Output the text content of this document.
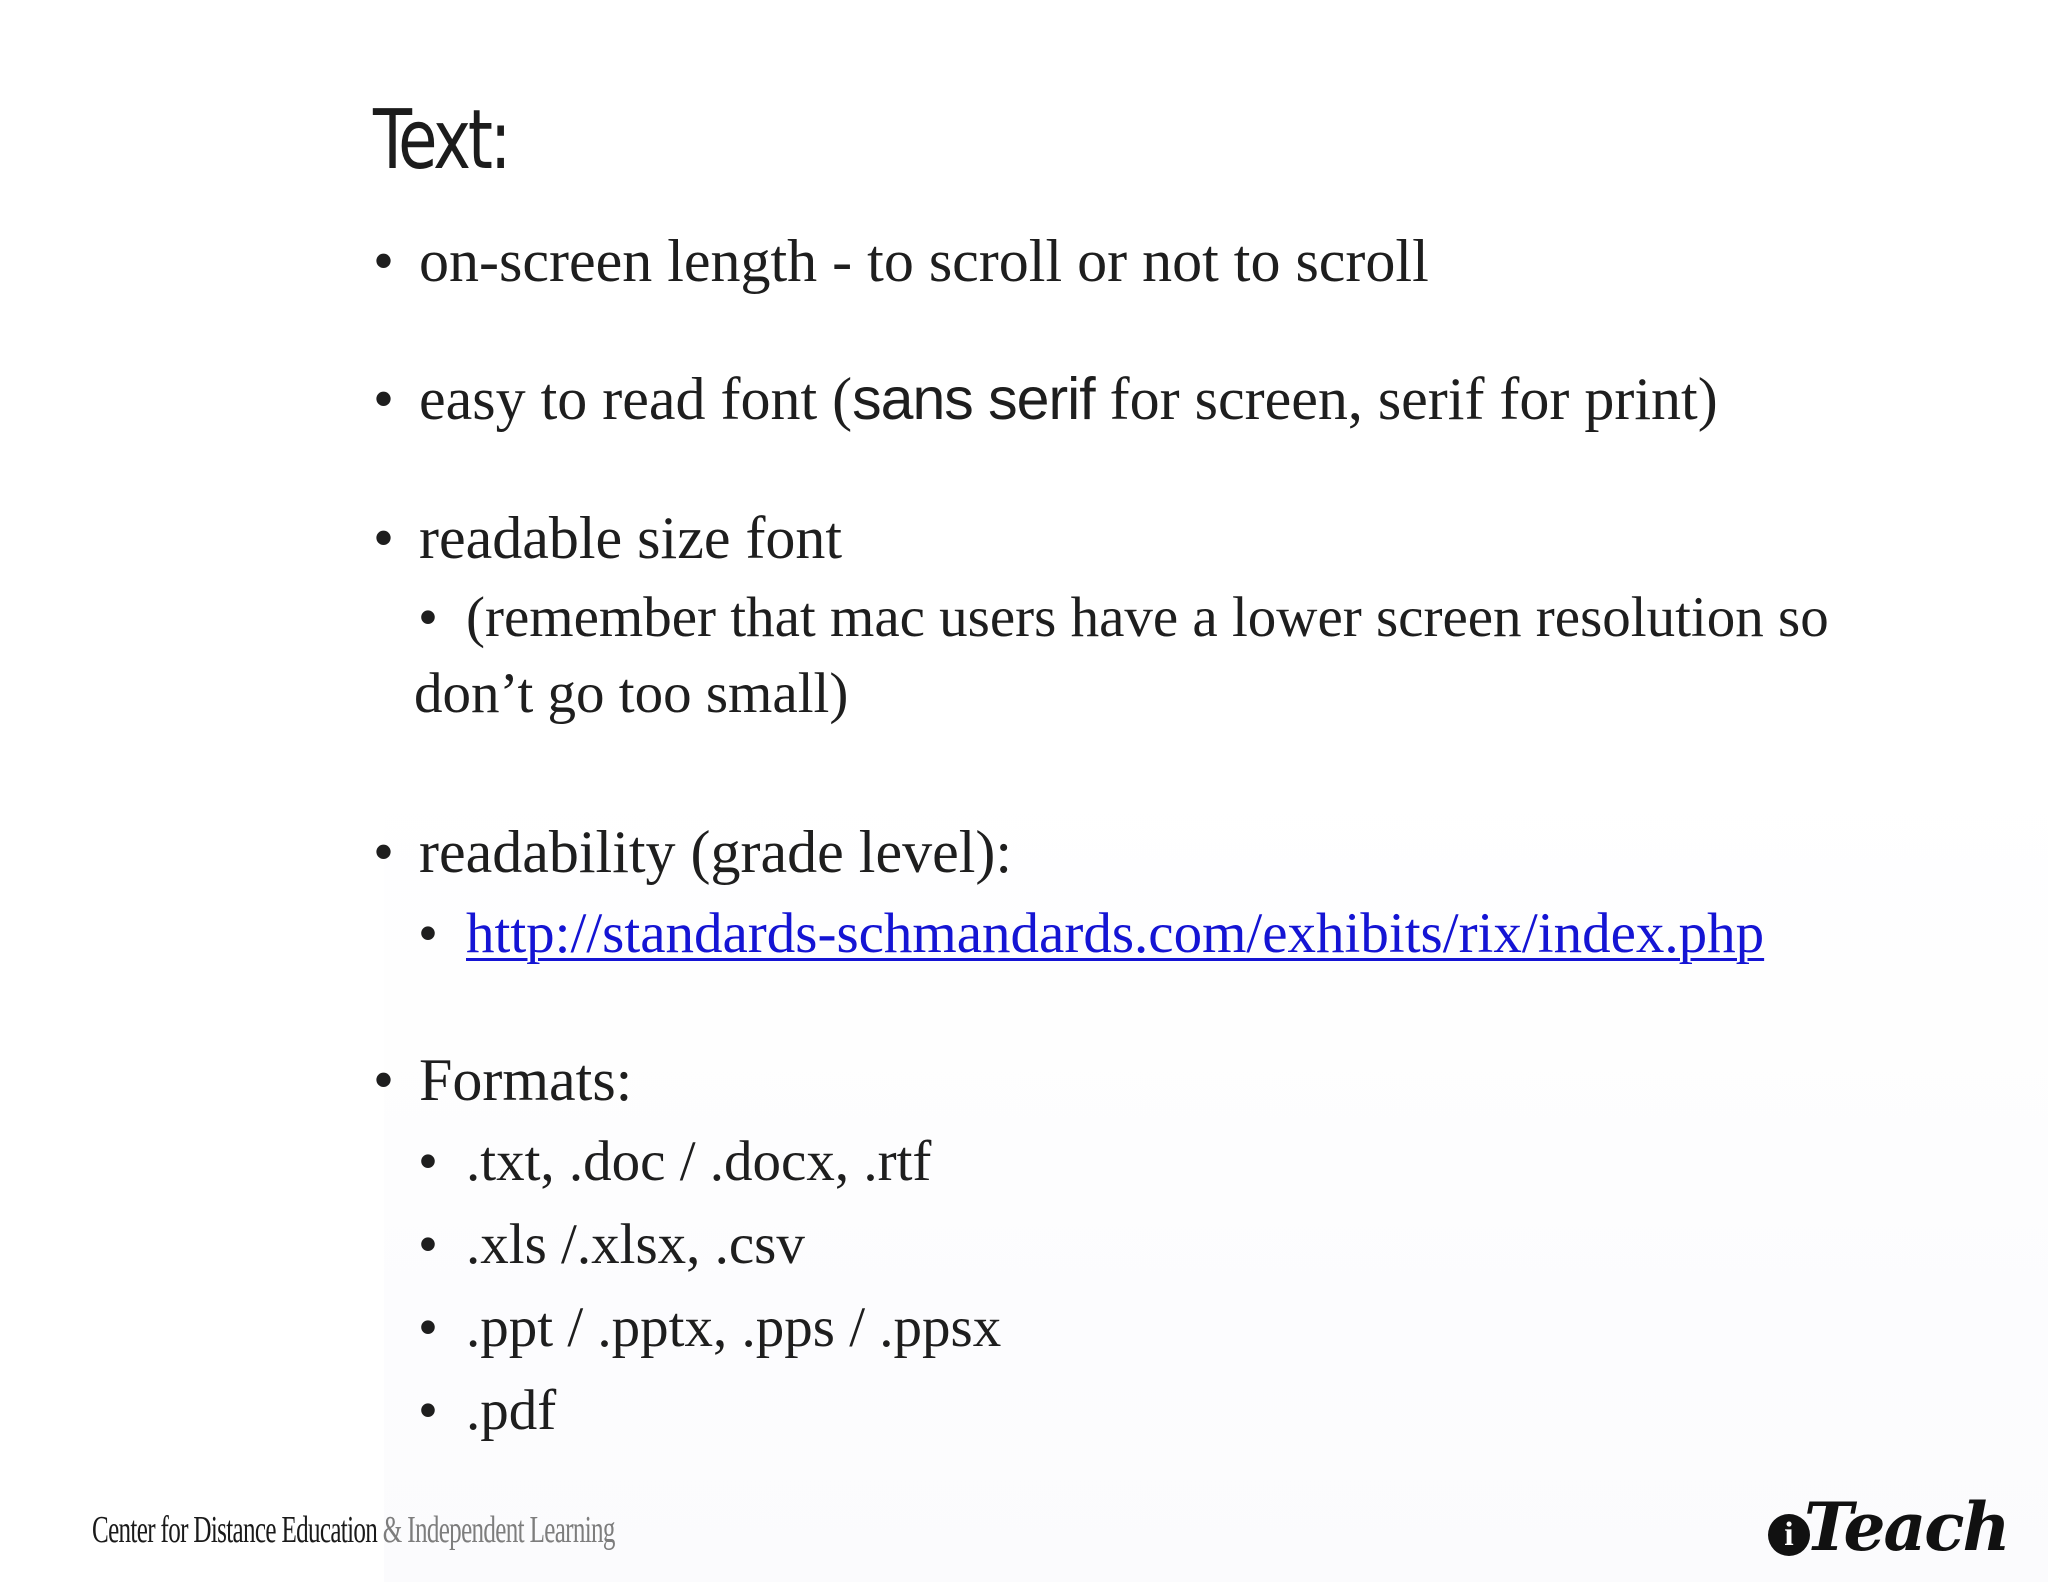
Text:
• on-screen length - to scroll or not to scroll
• easy to read font (sans serif for screen, serif for print)
• readable size font
• (remember that mac users have a lower screen resolution so
don’t go too small)
• readability (grade level):
• http://standards-schmandards.com/exhibits/rix/index.php
• Formats:
• .txt, .doc / .docx, .rtf
• .xls /.xlsx, .csv
• .ppt / .pptx, .pps / .ppsx
• .pdf
Center for Distance Education & Independent Learning	i Teach
